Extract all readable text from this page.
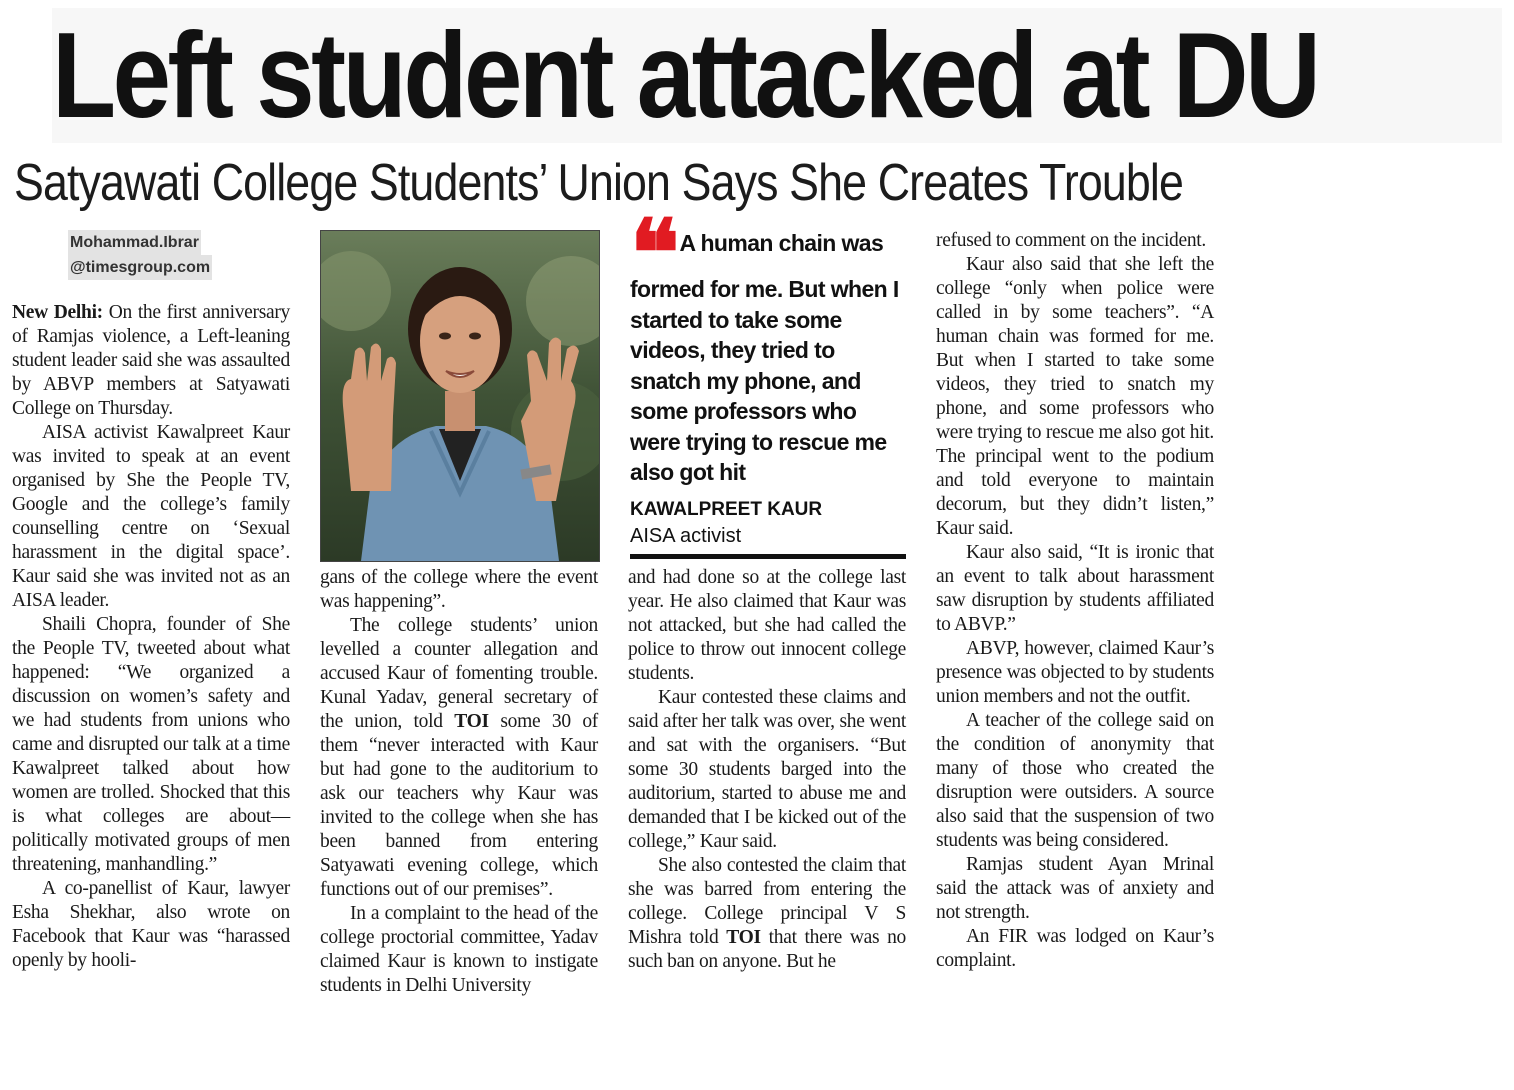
Left student attacked at DU
Satyawati College Students’ Union Says She Creates Trouble
Mohammad.Ibrar
@timesgroup.com

New Delhi: On the first anniversary of Ramjas violence, a Left-leaning student leader said she was assaulted by ABVP members at Satyawati College on Thursday.

AISA activist Kawalpreet Kaur was invited to speak at an event organised by She the People TV, Google and the college’s family counselling centre on ‘Sexual harassment in the digital space’. Kaur said she was invited not as an AISA leader.

Shaili Chopra, founder of She the People TV, tweeted about what happened: “We organized a discussion on women’s safety and we had students from unions who came and disrupted our talk at a time Kawalpreet talked about how women are trolled. Shocked that this is what colleges are about—politically motivated groups of men threatening, manhandling.”

A co-panellist of Kaur, lawyer Esha Shekhar, also wrote on Facebook that Kaur was “harassed openly by hooli-

gans of the college where the event was happening”.

The college students’ union levelled a counter allegation and accused Kaur of fomenting trouble. Kunal Yadav, general secretary of the union, told TOI some 30 of them “never interacted with Kaur but had gone to the auditorium to ask our teachers why Kaur was invited to the college when she has been banned from entering Satyawati evening college, which functions out of our premises”.

In a complaint to the head of the college proctorial committee, Yadav claimed Kaur is known to instigate students in Delhi University

❝ A human chain was formed for me. But when I started to take some videos, they tried to snatch my phone, and some professors who were trying to rescue me also got hit
KAWALPREET KAUR
AISA activist

and had done so at the college last year. He also claimed that Kaur was not attacked, but she had called the police to throw out innocent college students.

Kaur contested these claims and said after her talk was over, she went and sat with the organisers. “But some 30 students barged into the auditorium, started to abuse me and demanded that I be kicked out of the college,” Kaur said.

She also contested the claim that she was barred from entering the college. College principal V S Mishra told TOI that there was no such ban on anyone. But he

refused to comment on the incident.

Kaur also said that she left the college “only when police were called in by some teachers”. “A human chain was formed for me. But when I started to take some videos, they tried to snatch my phone, and some professors who were trying to rescue me also got hit. The principal went to the podium and told everyone to maintain decorum, but they didn’t listen,” Kaur said.

Kaur also said, “It is ironic that an event to talk about harassment saw disruption by students affiliated to ABVP.”

ABVP, however, claimed Kaur’s presence was objected to by students union members and not the outfit.

A teacher of the college said on the condition of anonymity that many of those who created the disruption were outsiders. A source also said that the suspension of two students was being considered.

Ramjas student Ayan Mrinal said the attack was of anxiety and not strength.

An FIR was lodged on Kaur’s complaint.
